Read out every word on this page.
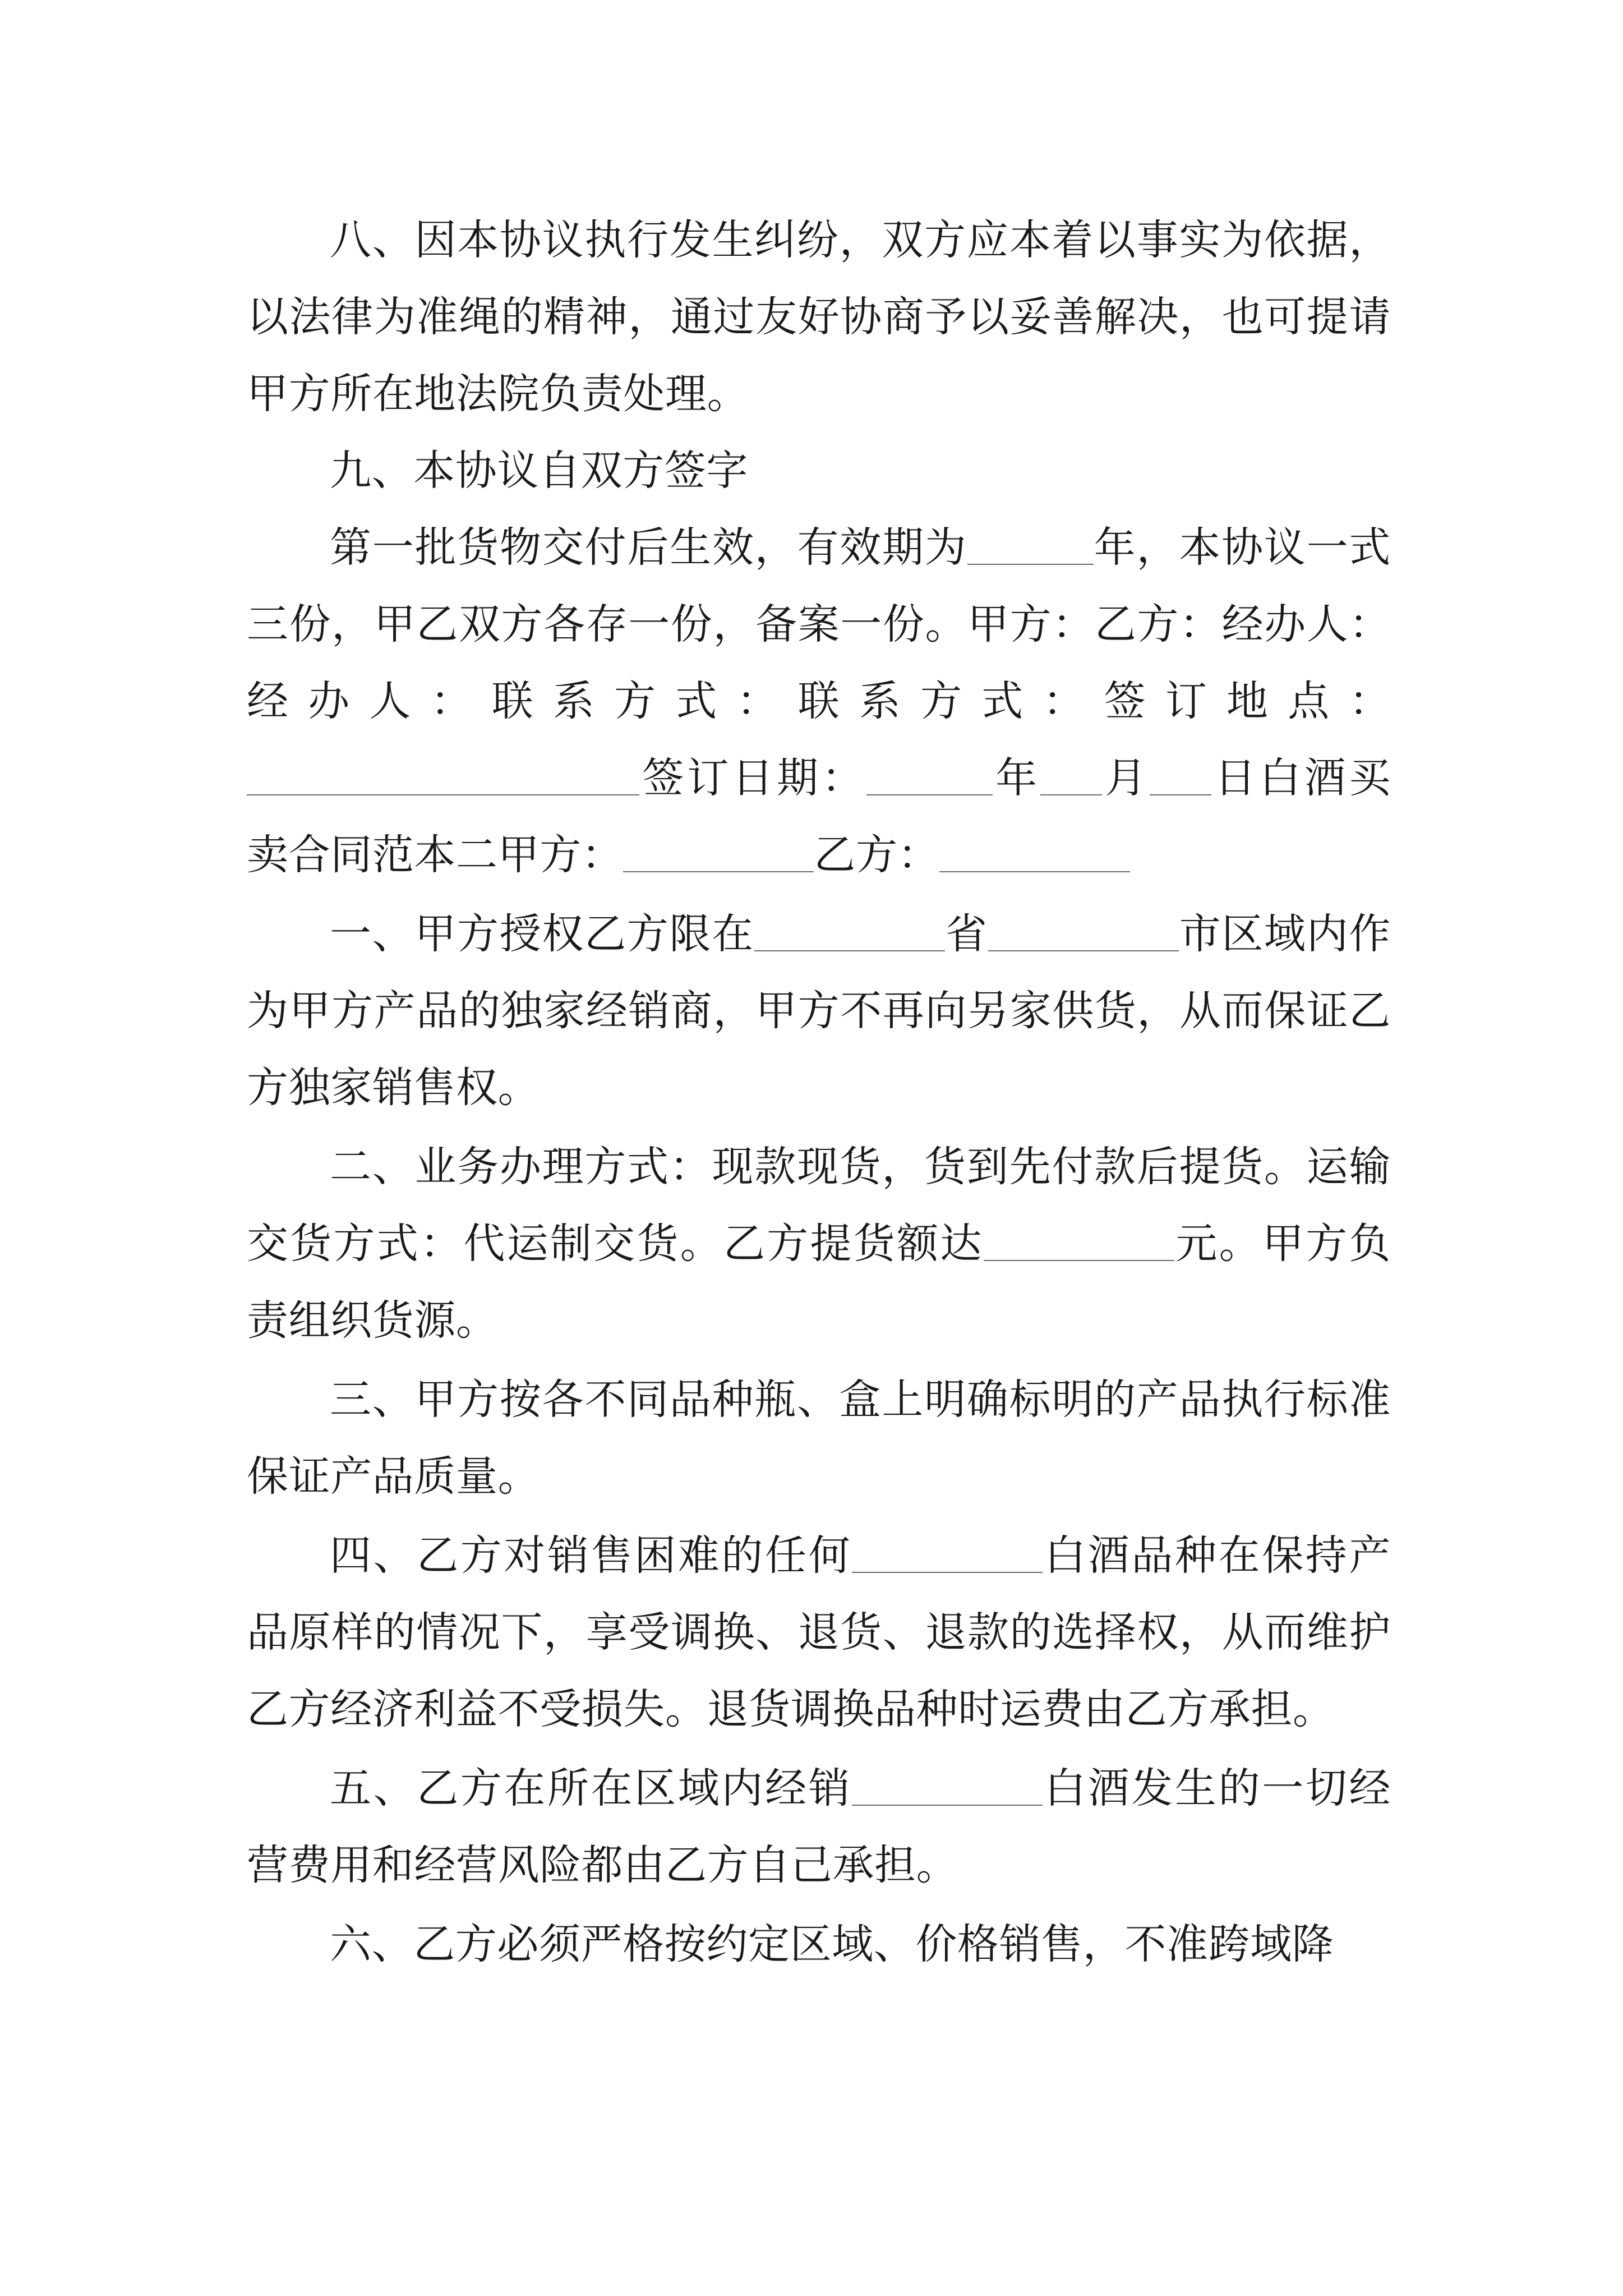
八、因本协议执行发生纠纷，双方应本着以事实为依据，以法律为准绳的精神，通过友好协商予以妥善解决，也可提请甲方所在地法院负责处理。

九、本协议自双方签字

第一批货物交付后生效，有效期为	年，本协议一式三份，甲乙双方各存一份，备案一份。甲方：乙方：经办人：经办人：联系方式：联系方式：签订地点：签订日期：	年 月 日白酒买卖合同范本二甲方：	乙方：

一、甲方授权乙方限在	省	市区域内作为甲方产品的独家经销商，甲方不再向另家供货，从而保证乙方独家销售权。

二、业务办理方式：现款现货，货到先付款后提货。运输交货方式：代运制交货。乙方提货额达	元。甲方负责组织货源。

三、甲方按各不同品种瓶、盒上明确标明的产品执行标准保证产品质量。

四、乙方对销售困难的任何	白酒品种在保持产品原样的情况下，享受调换、退货、退款的选择权，从而维护乙方经济利益不受损失。退货调换品种时运费由乙方承担。

五、乙方在所在区域内经销	白酒发生的一切经营费用和经营风险都由乙方自己承担。

六、乙方必须严格按约定区域、价格销售，不准跨域降
